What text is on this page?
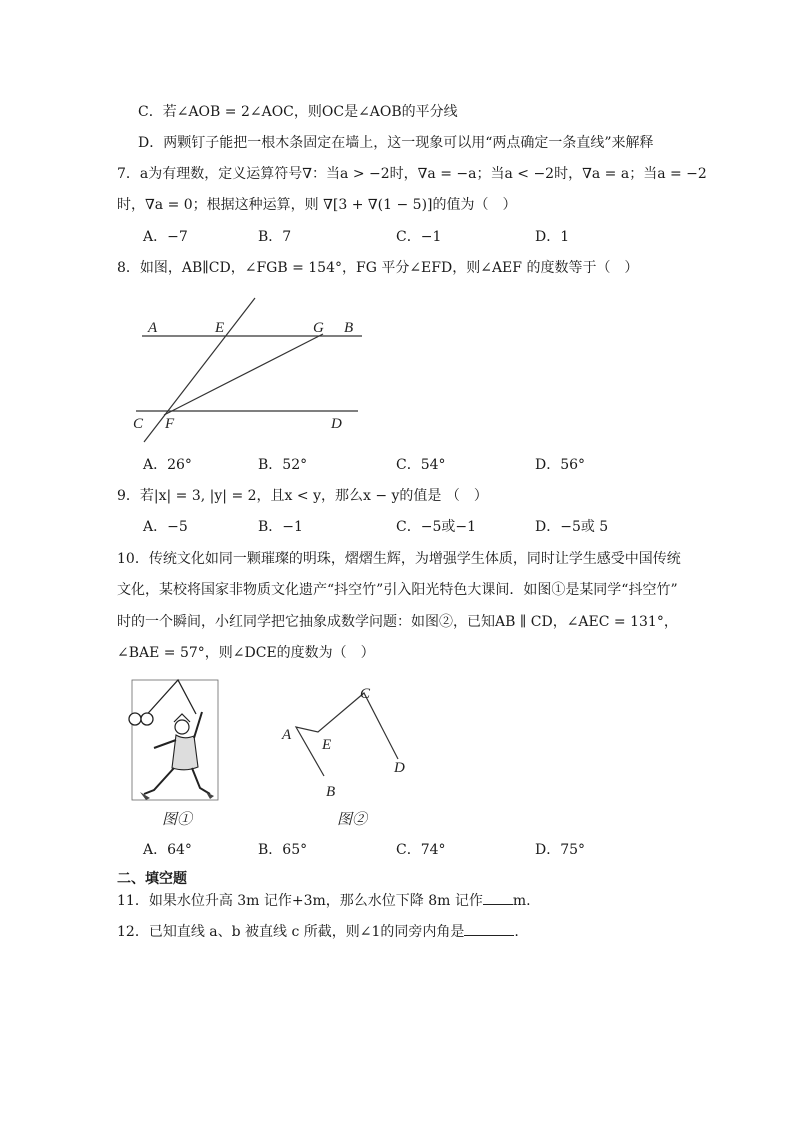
C．若∠AOB = 2∠AOC，则OC是∠AOB的平分线
D．两颗钉子能把一根木条固定在墙上，这一现象可以用“两点确定一条直线”来解释
7．a为有理数，定义运算符号∇：当a > −2时，∇a = −a；当a < −2时，∇a = a；当a = −2
时，∇a = 0；根据这种运算，则 ∇[3 + ∇(1 − 5)]的值为（　）
A．−7	B．7	C．−1	D．1
8．如图，AB∥CD，∠FGB = 154°，FG 平分∠EFD，则∠AEF 的度数等于（　）
A	E	G B
C F	D
A．26°	B．52°	C．54°	D．56°
9．若|x| = 3, |y| = 2，且x < y，那么x − y的值是 （　）
A．−5	B．−1	C．−5或−1	D．−5或 5
10．传统文化如同一颗璀璨的明珠，熠熠生辉，为增强学生体质，同时让学生感受中国传统
文化，某校将国家非物质文化遗产“抖空竹”引入阳光特色大课间．如图①是某同学“抖空竹”
时的一个瞬间，小红同学把它抽象成数学问题：如图②，已知AB ∥ CD，∠AEC = 131°，
∠BAE = 57°，则∠DCE的度数为（　）
图①
A
E
C
D
B
图②
A．64°	B．65°	C．74°	D．75°
二、填空题
11．如果水位升高 3m 记作+3m，那么水位下降 8m 记作 m.
12．已知直线 a、b 被直线 c 所截，则∠1的同旁内角是	.
